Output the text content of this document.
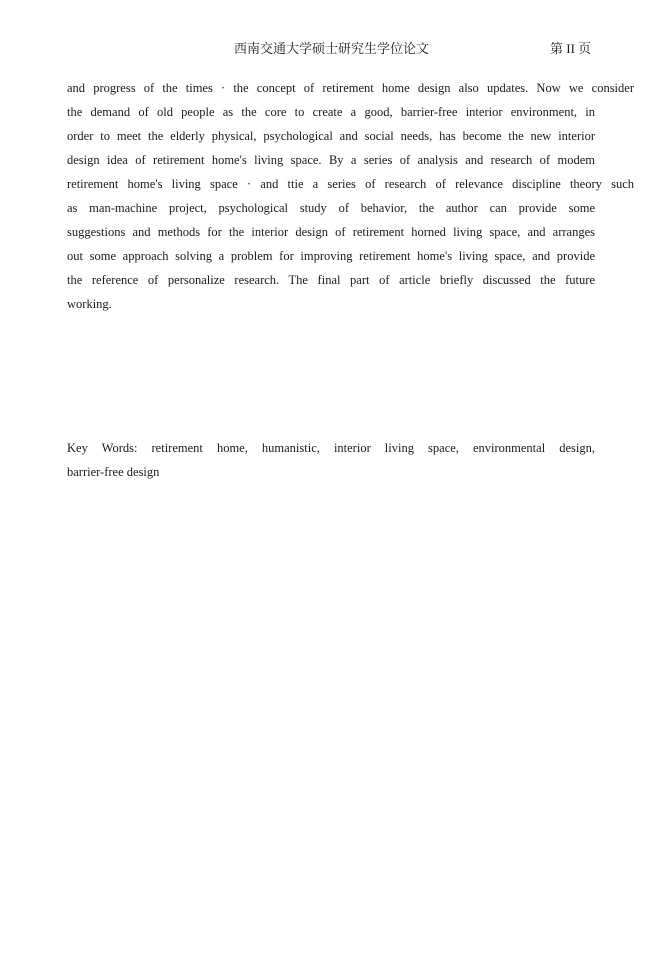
西南交通大学硕士研究生学位论文	第 II 页
and progress of the times · the concept of retirement home design also updates. Now we consider
the demand of old people as the core to create a good, barrier-free interior environment, in
order to meet the elderly physical, psychological and social needs, has become the new interior
design idea of retirement home's living space. By a series of analysis and research of modem
retirement home's living space · and ttie a series of research of relevance discipline theory such
as man-machine project, psychological study of behavior, the author can provide some
suggestions and methods for the interior design of retirement horned living space, and arranges
out some approach solving a problem for improving retirement home's living space, and provide
the reference of personalize research. The final part of article briefly discussed the future
working.
Key Words: retirement home, humanistic, interior living space, environmental design,
barrier-free design
